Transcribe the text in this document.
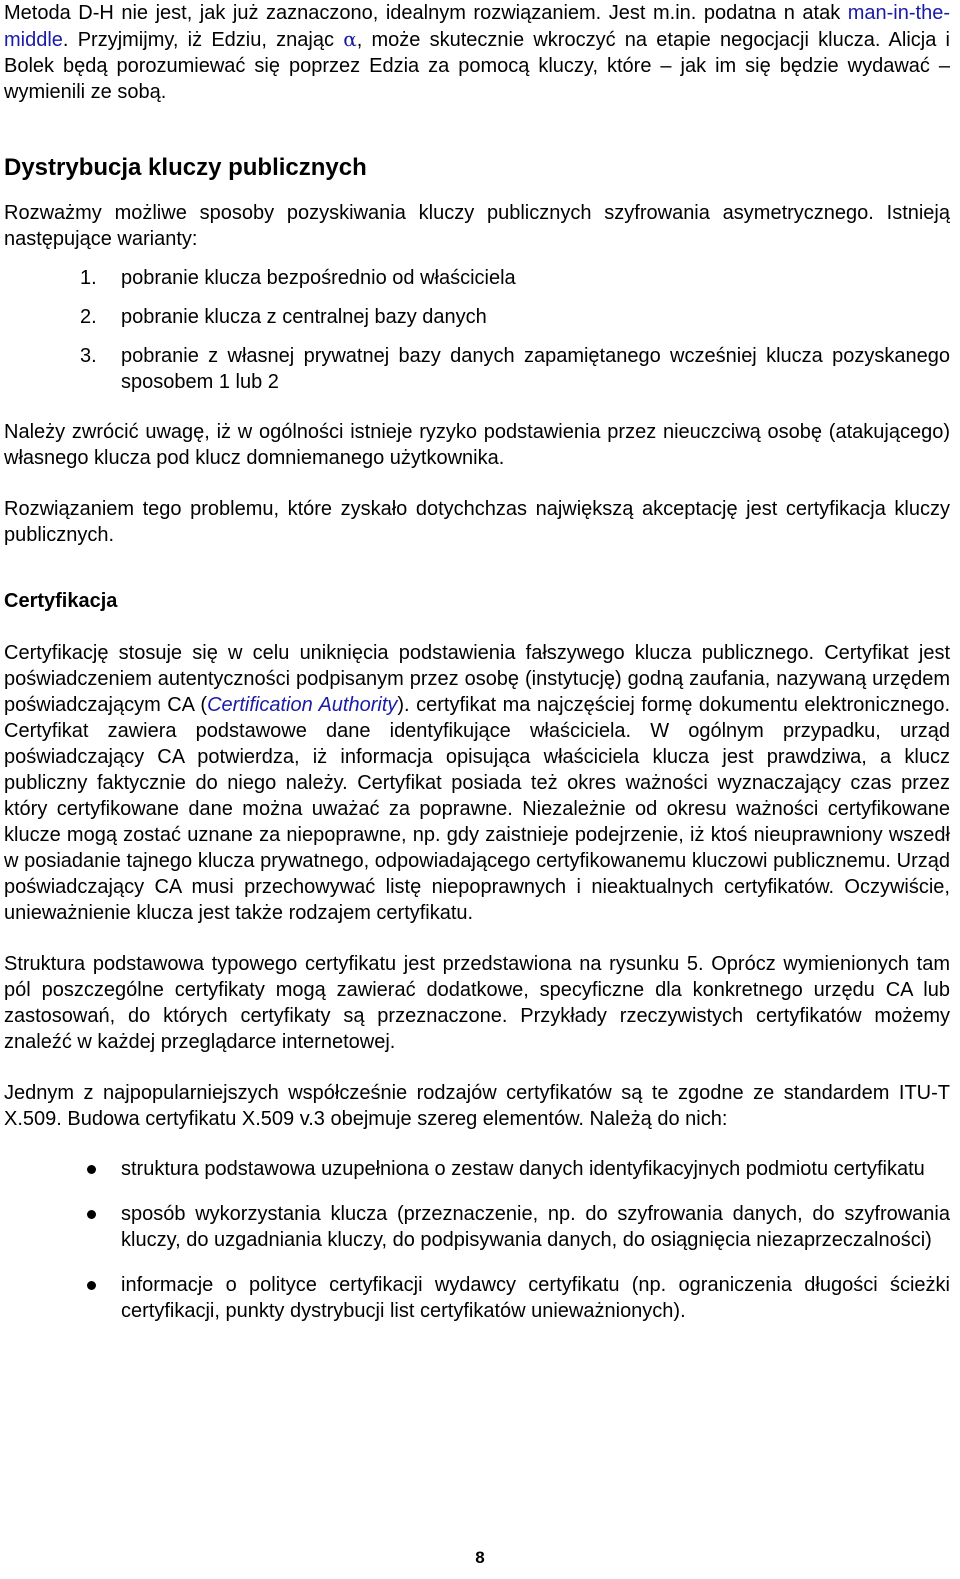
Metoda D-H nie jest, jak już zaznaczono, idealnym rozwiązaniem. Jest m.in. podatna n atak man-in-the-middle. Przyjmijmy, iż Edziu, znając α, może skutecznie wkroczyć na etapie negocjacji klucza. Alicja i Bolek będą porozumiewać się poprzez Edzia za pomocą kluczy, które – jak im się będzie wydawać – wymienili ze sobą.

Dystrybucja kluczy publicznych

Rozważmy możliwe sposoby pozyskiwania kluczy publicznych szyfrowania asymetrycznego. Istnieją następujące warianty:

1. pobranie klucza bezpośrednio od właściciela
2. pobranie klucza z centralnej bazy danych
3. pobranie z własnej prywatnej bazy danych zapamiętanego wcześniej klucza pozyskanego sposobem 1 lub 2

Należy zwrócić uwagę, iż w ogólności istnieje ryzyko podstawienia przez nieuczciwą osobę (atakującego) własnego klucza pod klucz domniemanego użytkownika.

Rozwiązaniem tego problemu, które zyskało dotychchzas największą akceptację jest certyfikacja kluczy publicznych.

Certyfikacja

Certyfikację stosuje się w celu uniknięcia podstawienia fałszywego klucza publicznego. Certyfikat jest poświadczeniem autentyczności podpisanym przez osobę (instytucję) godną zaufania, nazywaną urzędem poświadczającym CA (Certification Authority). certyfikat ma najczęściej formę dokumentu elektronicznego. Certyfikat zawiera podstawowe dane identyfikujące właściciela. W ogólnym przypadku, urząd poświadczający CA potwierdza, iż informacja opisująca właściciela klucza jest prawdziwa, a klucz publiczny faktycznie do niego należy. Certyfikat posiada też okres ważności wyznaczający czas przez który certyfikowane dane można uważać za poprawne. Niezależnie od okresu ważności certyfikowane klucze mogą zostać uznane za niepoprawne, np. gdy zaistnieje podejrzenie, iż ktoś nieuprawniony wszedł w posiadanie tajnego klucza prywatnego, odpowiadającego certyfikowanemu kluczowi publicznemu. Urząd poświadczający CA musi przechowywać listę niepoprawnych i nieaktualnych certyfikatów. Oczywiście, unieważnienie klucza jest także rodzajem certyfikatu.

Struktura podstawowa typowego certyfikatu jest przedstawiona na rysunku 5. Oprócz wymienionych tam pól poszczególne certyfikaty mogą zawierać dodatkowe, specyficzne dla konkretnego urzędu CA lub zastosowań, do których certyfikaty są przeznaczone. Przykłady rzeczywistych certyfikatów możemy znaleźć w każdej przeglądarce internetowej.

Jednym z najpopularniejszych współcześnie rodzajów certyfikatów są te zgodne ze standardem ITU-T X.509. Budowa certyfikatu X.509 v.3 obejmuje szereg elementów. Należą do nich:

struktura podstawowa uzupełniona o zestaw danych identyfikacyjnych podmiotu certyfikatu
sposób wykorzystania klucza (przeznaczenie, np. do szyfrowania danych, do szyfrowania kluczy, do uzgadniania kluczy, do podpisywania danych, do osiągnięcia niezaprzeczalności)
informacje o polityce certyfikacji wydawcy certyfikatu (np. ograniczenia długości ścieżki certyfikacji, punkty dystrybucji list certyfikatów unieważnionych).
8
